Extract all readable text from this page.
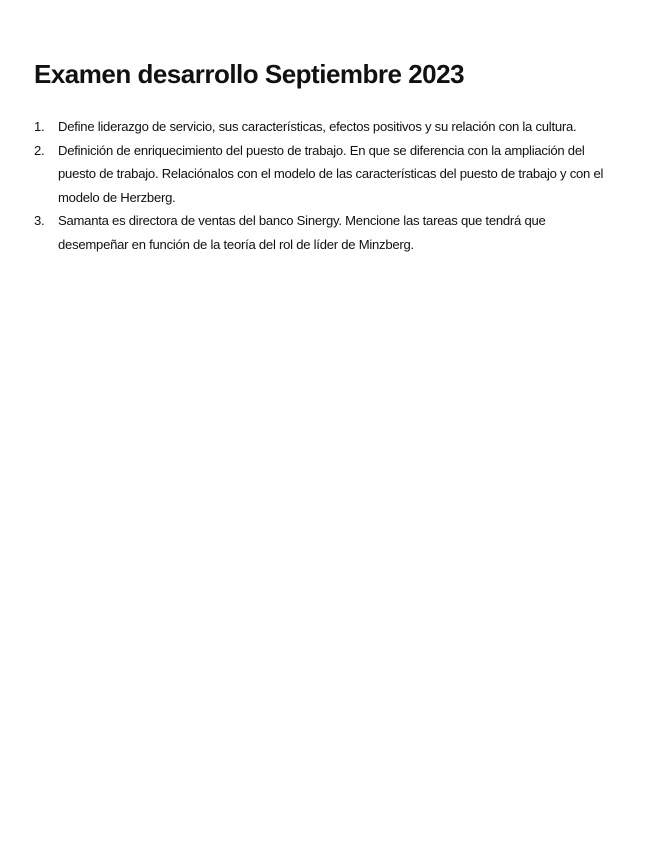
Examen desarrollo Septiembre 2023
1. Define liderazgo de servicio, sus características, efectos positivos y su relación con la cultura.
2. Definición de enriquecimiento del puesto de trabajo. En que se diferencia con la ampliación del puesto de trabajo. Relaciónalos con el modelo de las características del puesto de trabajo y con el modelo de Herzberg.
3. Samanta es directora de ventas del banco Sinergy. Mencione las tareas que tendrá que desempeñar en función de la teoría del rol de líder de Minzberg.
